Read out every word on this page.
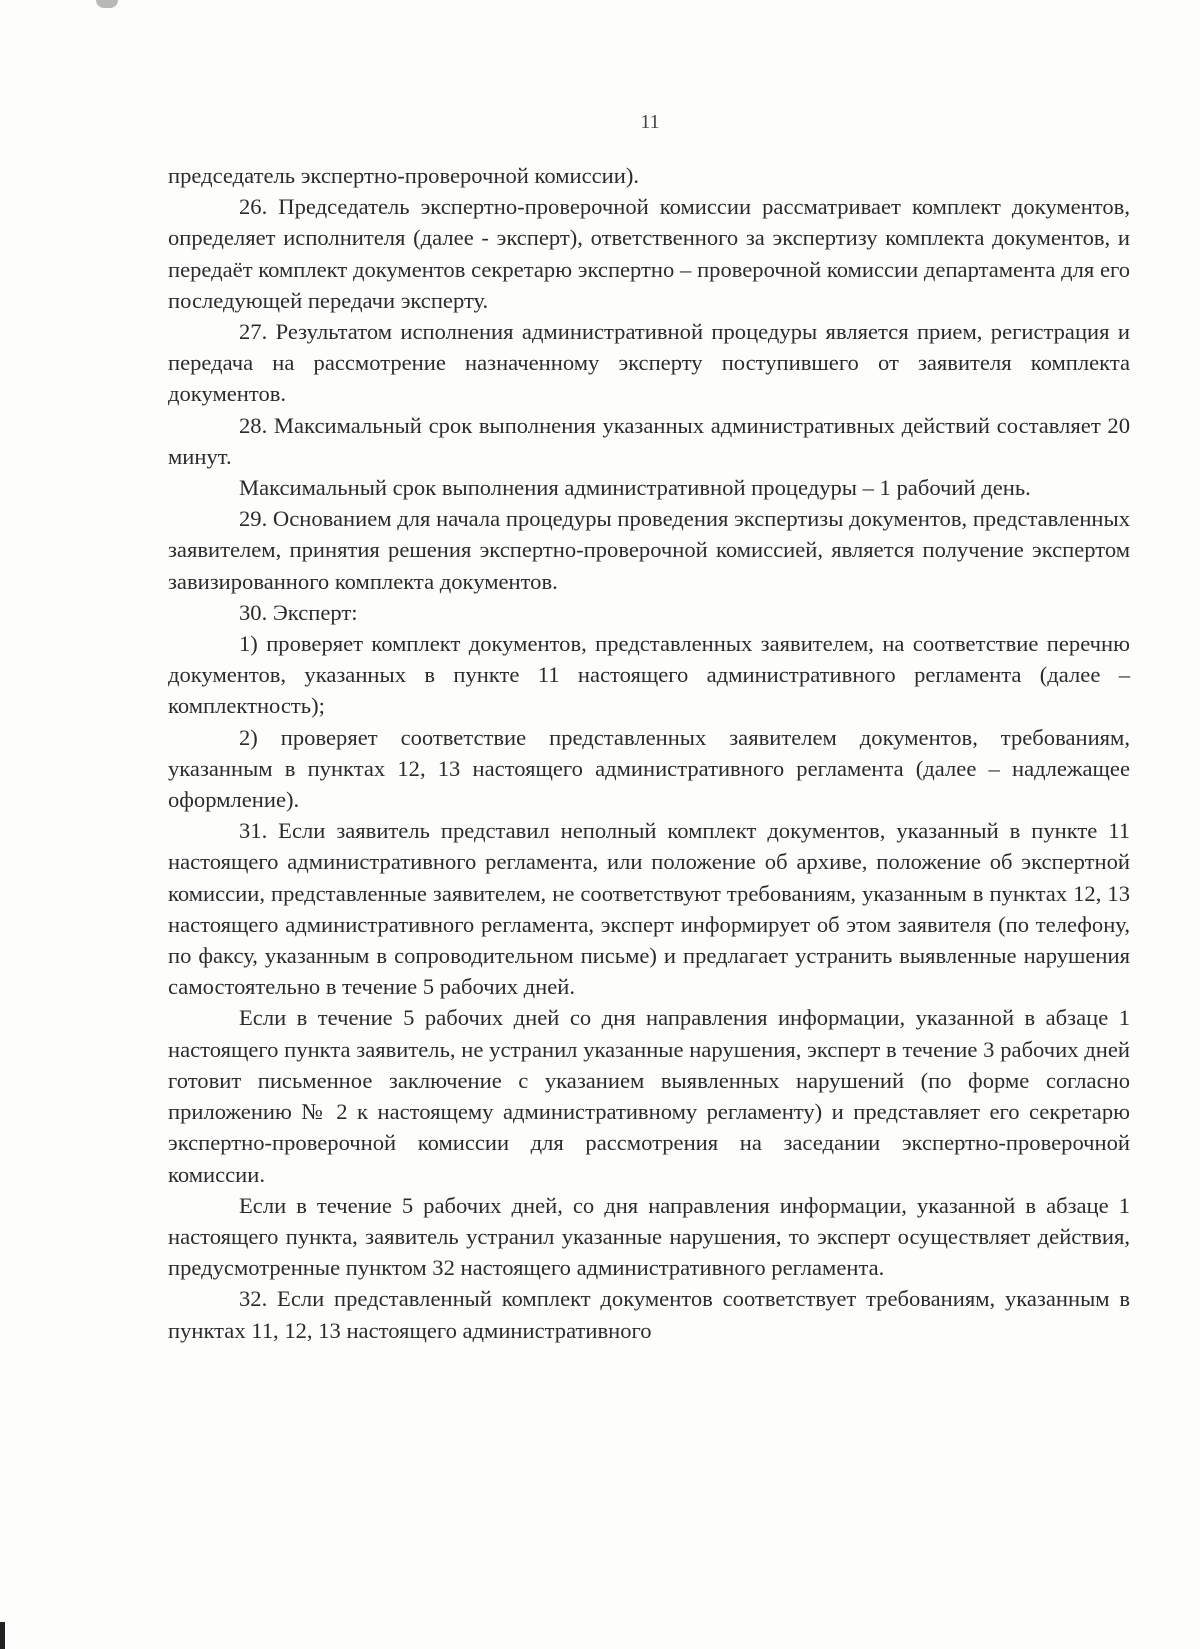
11

председатель экспертно-проверочной комиссии).

26. Председатель экспертно-проверочной комиссии рассматривает комплект документов, определяет исполнителя (далее - эксперт), ответственного за экспертизу комплекта документов, и передаёт комплект документов секретарю экспертно – проверочной комиссии департамента для его последующей передачи эксперту.

27. Результатом исполнения административной процедуры является прием, регистрация и передача на рассмотрение назначенному эксперту поступившего от заявителя комплекта документов.

28. Максимальный срок выполнения указанных административных действий составляет 20 минут.

Максимальный срок выполнения административной процедуры – 1 рабочий день.

29. Основанием для начала процедуры проведения экспертизы документов, представленных заявителем, принятия решения экспертно-проверочной комиссией, является получение экспертом завизированного комплекта документов.

30. Эксперт:

1) проверяет комплект документов, представленных заявителем, на соответствие перечню документов, указанных в пункте 11 настоящего административного регламента (далее – комплектность);

2) проверяет соответствие представленных заявителем документов, требованиям, указанным в пунктах 12, 13 настоящего административного регламента (далее – надлежащее оформление).

31. Если заявитель представил неполный комплект документов, указанный в пункте 11 настоящего административного регламента, или положение об архиве, положение об экспертной комиссии, представленные заявителем, не соответствуют требованиям, указанным в пунктах 12, 13 настоящего административного регламента, эксперт информирует об этом заявителя (по телефону, по факсу, указанным в сопроводительном письме) и предлагает устранить выявленные нарушения самостоятельно в течение 5 рабочих дней.

Если в течение 5 рабочих дней со дня направления информации, указанной в абзаце 1 настоящего пункта заявитель, не устранил указанные нарушения, эксперт в течение 3 рабочих дней готовит письменное заключение с указанием выявленных нарушений (по форме согласно приложению № 2 к настоящему административному регламенту) и представляет его секретарю экспертно-проверочной комиссии для рассмотрения на заседании экспертно-проверочной комиссии.

Если в течение 5 рабочих дней, со дня направления информации, указанной в абзаце 1 настоящего пункта, заявитель устранил указанные нарушения, то эксперт осуществляет действия, предусмотренные пунктом 32 настоящего административного регламента.

32. Если представленный комплект документов соответствует требованиям, указанным в пунктах 11, 12, 13 настоящего административного
